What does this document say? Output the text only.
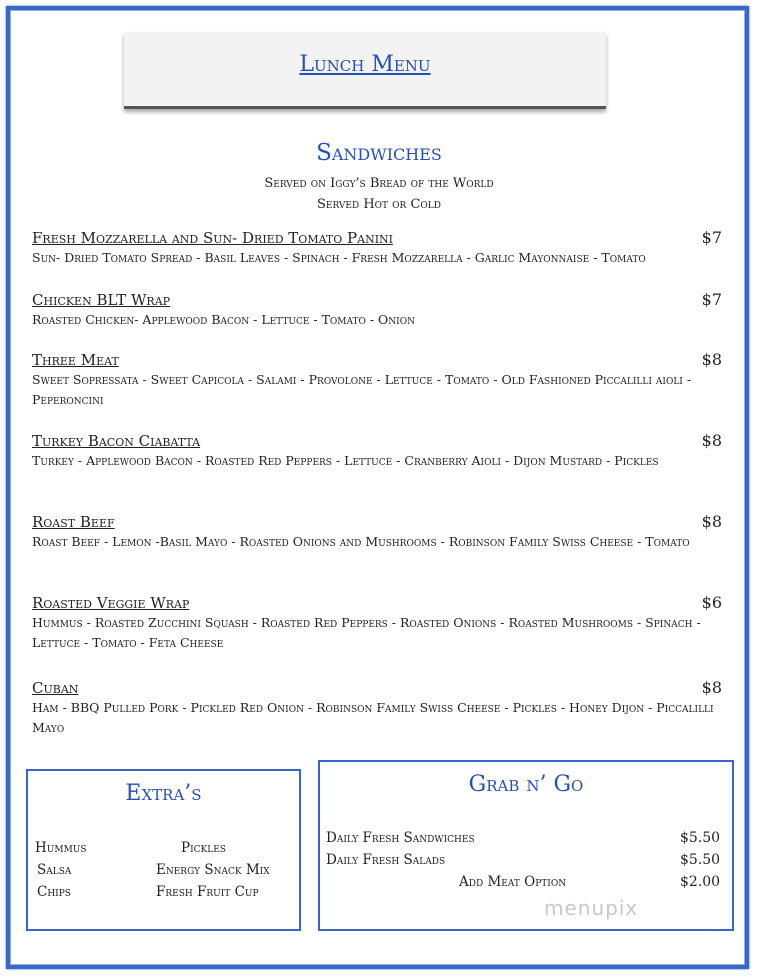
Lunch Menu
Sandwiches
Served on Iggy’s Bread of the World
Served Hot or Cold
Fresh Mozzarella and Sun- Dried Tomato Panini	$7
Sun- Dried Tomato Spread - Basil Leaves - Spinach - Fresh Mozzarella - Garlic Mayonnaise - Tomato
Chicken BLT Wrap	$7
Roasted Chicken- Applewood Bacon - Lettuce - Tomato - Onion
Three Meat	$8
Sweet Sopressata - Sweet Capicola - Salami - Provolone - Lettuce - Tomato - Old Fashioned Piccalilli aioli - Peperoncini
Turkey Bacon Ciabatta	$8
Turkey - Applewood Bacon - Roasted Red Peppers - Lettuce - Cranberry Aioli - Dijon Mustard - Pickles
Roast Beef	$8
Roast Beef - Lemon -Basil Mayo - Roasted Onions and Mushrooms - Robinson Family Swiss Cheese - Tomato
Roasted Veggie Wrap	$6
Hummus - Roasted Zucchini Squash - Roasted Red Peppers - Roasted Onions - Roasted Mushrooms - Spinach - Lettuce - Tomato - Feta Cheese
Cuban	$8
Ham - BBQ Pulled Pork - Pickled Red Onion - Robinson Family Swiss Cheese - Pickles - Honey Dijon - Piccalilli Mayo
Extra’s
Hummus
Salsa
Chips
Pickles
Energy Snack Mix
Fresh Fruit Cup
Grab n’ Go
Daily Fresh Sandwiches	$5.50
Daily Fresh Salads	$5.50
Add Meat Option	$2.00
menupix
